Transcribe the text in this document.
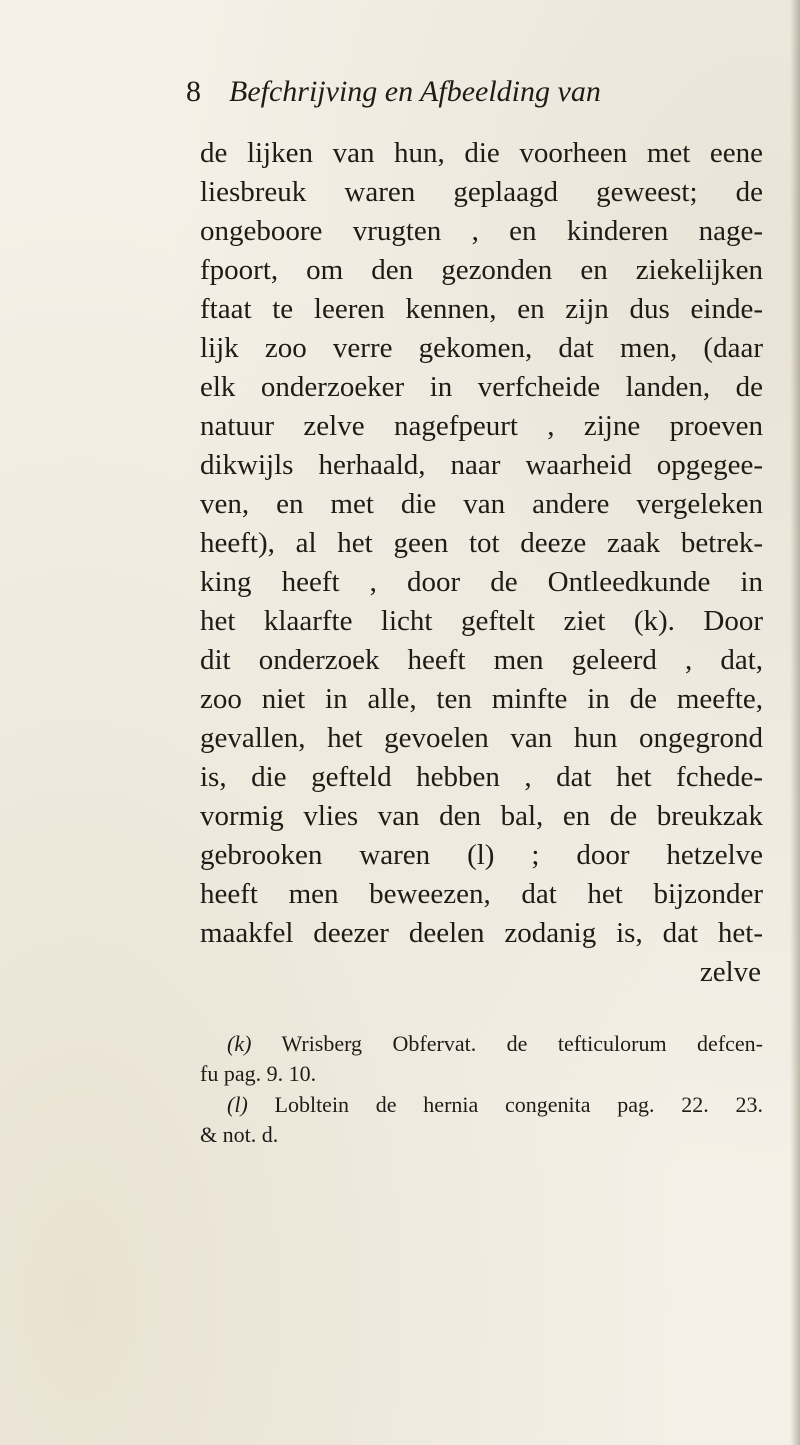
8 Befchrijving en Afbeelding van
de lijken van hun, die voorheen met eene
liesbreuk waren geplaagd geweest; de
ongeboore vrugten , en kinderen nage-
fpoort, om den gezonden en ziekelijken
ftaat te leeren kennen, en zijn dus einde-
lijk zoo verre gekomen, dat men, (daar
elk onderzoeker in verfcheide landen, de
natuur zelve nagefpeurt , zijne proeven
dikwijls herhaald, naar waarheid opgegee-
ven, en met die van andere vergeleken
heeft), al het geen tot deeze zaak betrek-
king heeft , door de Ontleedkunde in
het klaarfte licht geftelt ziet (k). Door
dit onderzoek heeft men geleerd , dat,
zoo niet in alle, ten minfte in de meefte,
gevallen, het gevoelen van hun ongegrond
is, die gefteld hebben , dat het fchede-
vormig vlies van den bal, en de breukzak
gebrooken waren (l) ; door hetzelve
heeft men beweezen, dat het bijzonder
maakfel deezer deelen zodanig is, dat het-
zelve
(k) Wrisberg Obfervat. de tefticulorum defcen-
fu pag. 9. 10.
(l) Lobltein de hernia congenita pag. 22. 23.
& not. d.
